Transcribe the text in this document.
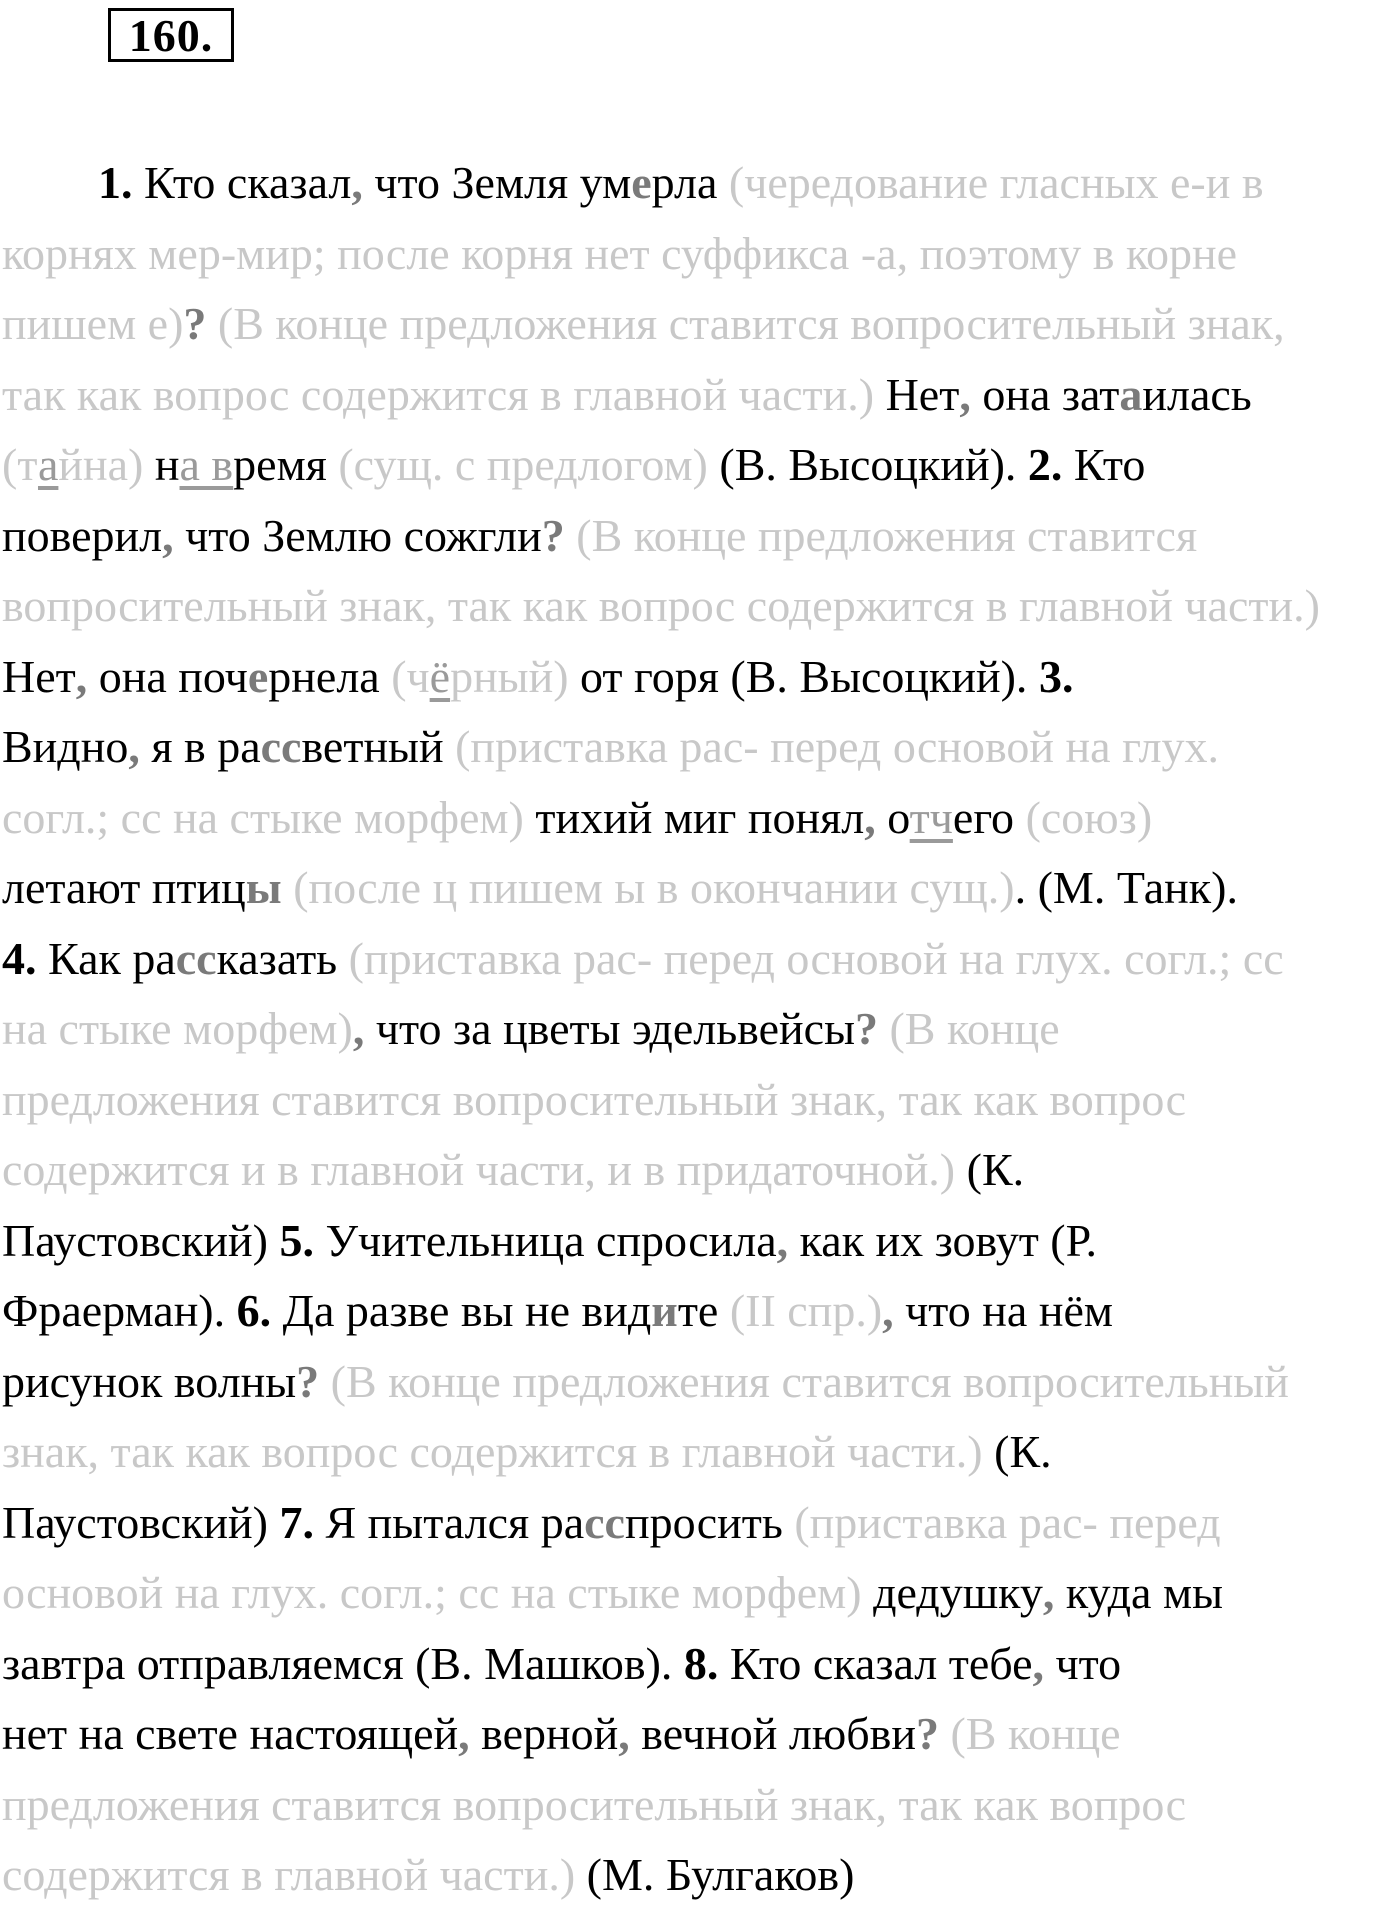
160.
1. Кто сказал, что Земля умерла (чередование гласных е-и в
корнях мер-мир; после корня нет суффикса -а, поэтому в корне
пишем е)? (В конце предложения ставится вопросительный знак,
так как вопрос содержится в главной части.) Нет, она затаилась
(тайна) на время (сущ. с предлогом) (В. Высоцкий). 2. Кто
поверил, что Землю сожгли? (В конце предложения ставится
вопросительный знак, так как вопрос содержится в главной части.)
Нет, она почернела (чёрный) от горя (В. Высоцкий). 3.
Видно, я в рассветный (приставка рас- перед основой на глух.
согл.; сс на стыке морфем) тихий миг понял, отчего (союз)
летают птицы (после ц пишем ы в окончании сущ.). (М. Танк).
4. Как рассказать (приставка рас- перед основой на глух. согл.; сс
на стыке морфем), что за цветы эдельвейсы? (В конце
предложения ставится вопросительный знак, так как вопрос
содержится и в главной части, и в придаточной.) (К.
Паустовский) 5. Учительница спросила, как их зовут (Р.
Фраерман). 6. Да разве вы не видите (II спр.), что на нём
рисунок волны? (В конце предложения ставится вопросительный
знак, так как вопрос содержится в главной части.) (К.
Паустовский) 7. Я пытался расспросить (приставка рас- перед
основой на глух. согл.; сс на стыке морфем) дедушку, куда мы
завтра отправляемся (В. Машков). 8. Кто сказал тебе, что
нет на свете настоящей, верной, вечной любви? (В конце
предложения ставится вопросительный знак, так как вопрос
содержится в главной части.) (М. Булгаков)
